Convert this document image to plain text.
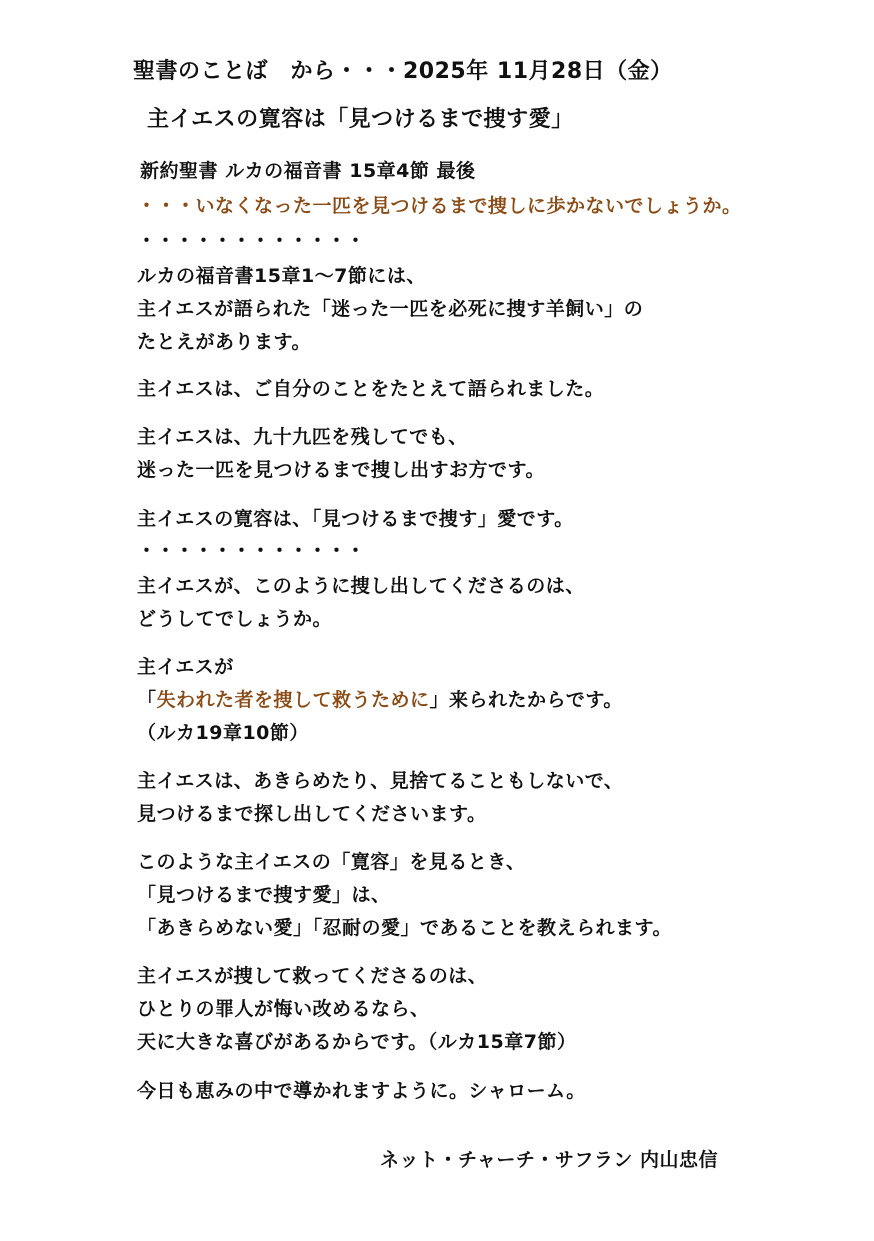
聖書のことば　から・・・2025年 11月28日（金）
主イエスの寛容は「見つけるまで捜す愛」
新約聖書 ルカの福音書 15章4節 最後
・・・いなくなった一匹を見つけるまで捜しに歩かないでしょうか。
・・・・・・・・・・・・
ルカの福音書15章1～7節には、
主イエスが語られた「迷った一匹を必死に捜す羊飼い」の
たとえがあります。
主イエスは、ご自分のことをたとえて語られました。
主イエスは、九十九匹を残してでも、
迷った一匹を見つけるまで捜し出すお方です。
主イエスの寛容は、「見つけるまで捜す」愛です。
・・・・・・・・・・・・
主イエスが、このように捜し出してくださるのは、
どうしてでしょうか。
主イエスが
「失われた者を捜して救うために」来られたからです。
（ルカ19章10節）
主イエスは、あきらめたり、見捨てることもしないで、
見つけるまで探し出してくださいます。
このような主イエスの「寛容」を見るとき、
「見つけるまで捜す愛」は、
「あきらめない愛」「忍耐の愛」であることを教えられます。
主イエスが捜して救ってくださるのは、
ひとりの罪人が悔い改めるなら、
天に大きな喜びがあるからです。（ルカ15章7節）
今日も恵みの中で導かれますように。シャローム。
ネット・チャーチ・サフラン 内山忠信
